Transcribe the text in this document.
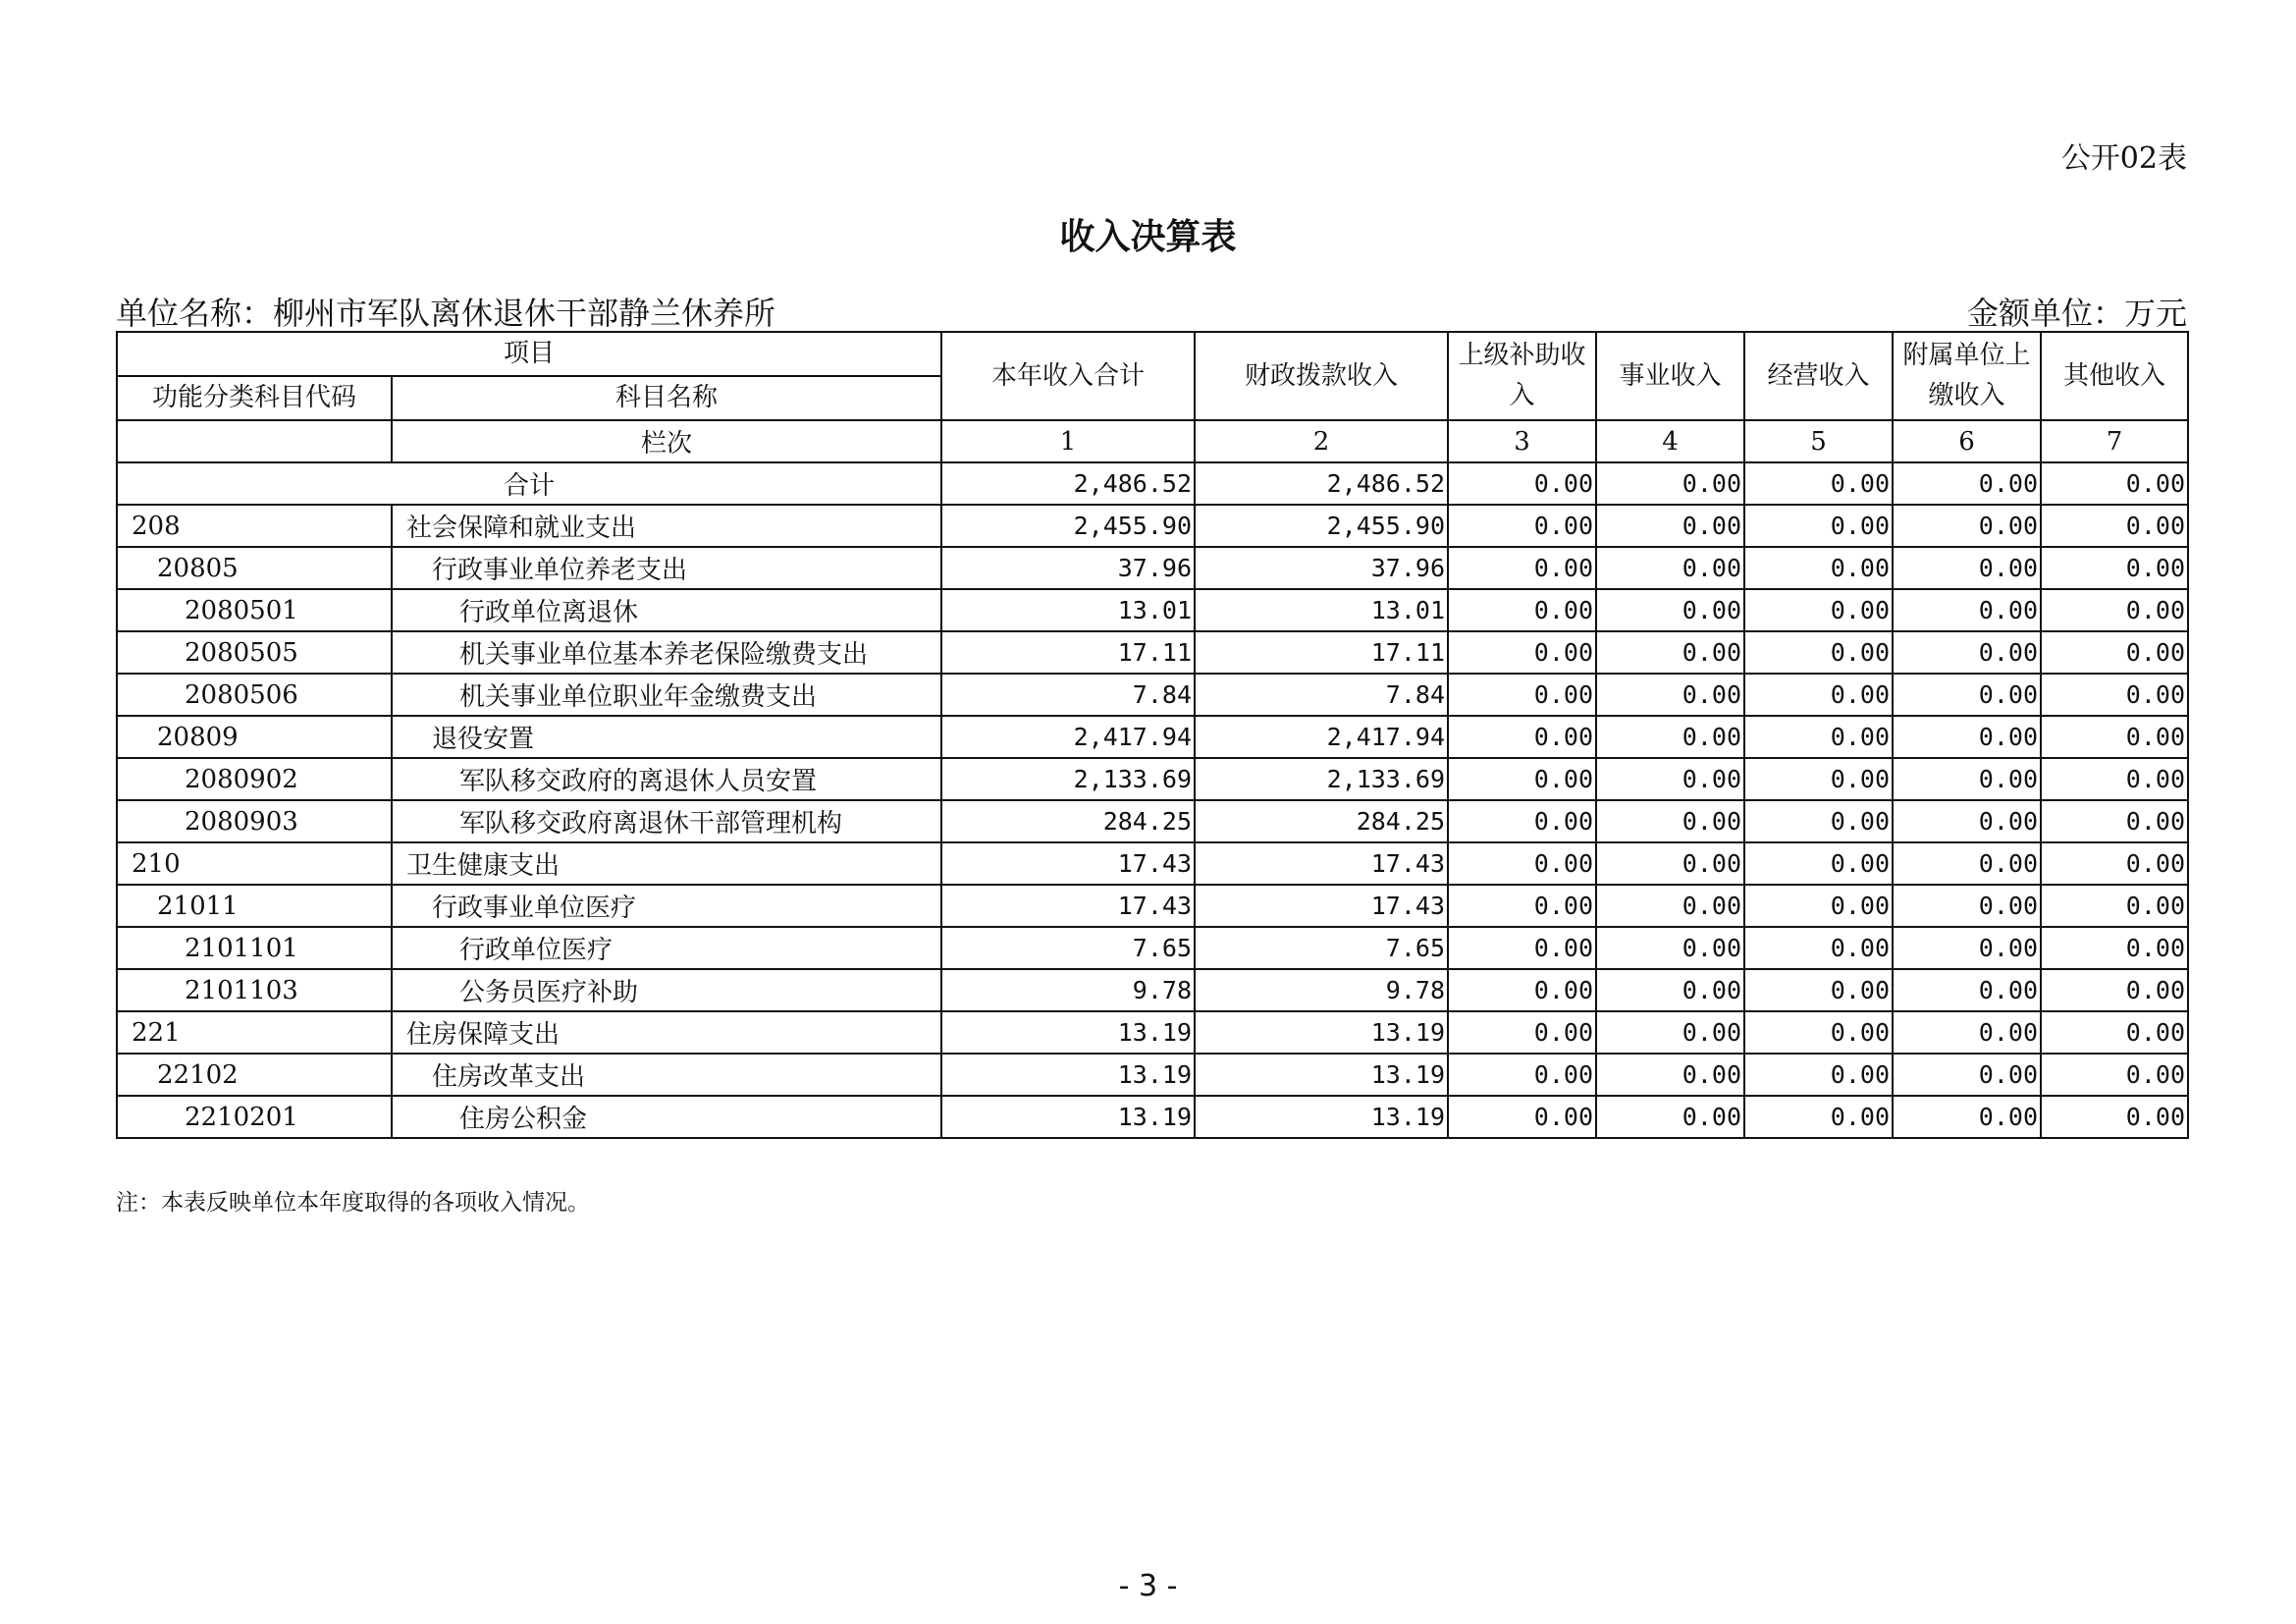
公开02表
收入决算表
单位名称：柳州市军队离休退休干部静兰休养所	金额单位：万元
项目		本年收入合计	财政拨款收入	上级补助收入	事业收入	经营收入	附属单位上缴收入	其他收入
功能分类科目代码	科目名称							
	栏次	1	2	3	4	5	6	7
合计		2,486.52	2,486.52	0.00	0.00	0.00	0.00	0.00
208	社会保障和就业支出	2,455.90	2,455.90	0.00	0.00	0.00	0.00	0.00
20805	行政事业单位养老支出	37.96	37.96	0.00	0.00	0.00	0.00	0.00
2080501	行政单位离退休	13.01	13.01	0.00	0.00	0.00	0.00	0.00
2080505	机关事业单位基本养老保险缴费支出	17.11	17.11	0.00	0.00	0.00	0.00	0.00
2080506	机关事业单位职业年金缴费支出	7.84	7.84	0.00	0.00	0.00	0.00	0.00
20809	退役安置	2,417.94	2,417.94	0.00	0.00	0.00	0.00	0.00
2080902	军队移交政府的离退休人员安置	2,133.69	2,133.69	0.00	0.00	0.00	0.00	0.00
2080903	军队移交政府离退休干部管理机构	284.25	284.25	0.00	0.00	0.00	0.00	0.00
210	卫生健康支出	17.43	17.43	0.00	0.00	0.00	0.00	0.00
21011	行政事业单位医疗	17.43	17.43	0.00	0.00	0.00	0.00	0.00
2101101	行政单位医疗	7.65	7.65	0.00	0.00	0.00	0.00	0.00
2101103	公务员医疗补助	9.78	9.78	0.00	0.00	0.00	0.00	0.00
221	住房保障支出	13.19	13.19	0.00	0.00	0.00	0.00	0.00
22102	住房改革支出	13.19	13.19	0.00	0.00	0.00	0.00	0.00
2210201	住房公积金	13.19	13.19	0.00	0.00	0.00	0.00	0.00
注：本表反映单位本年度取得的各项收入情况。
- 3 -
